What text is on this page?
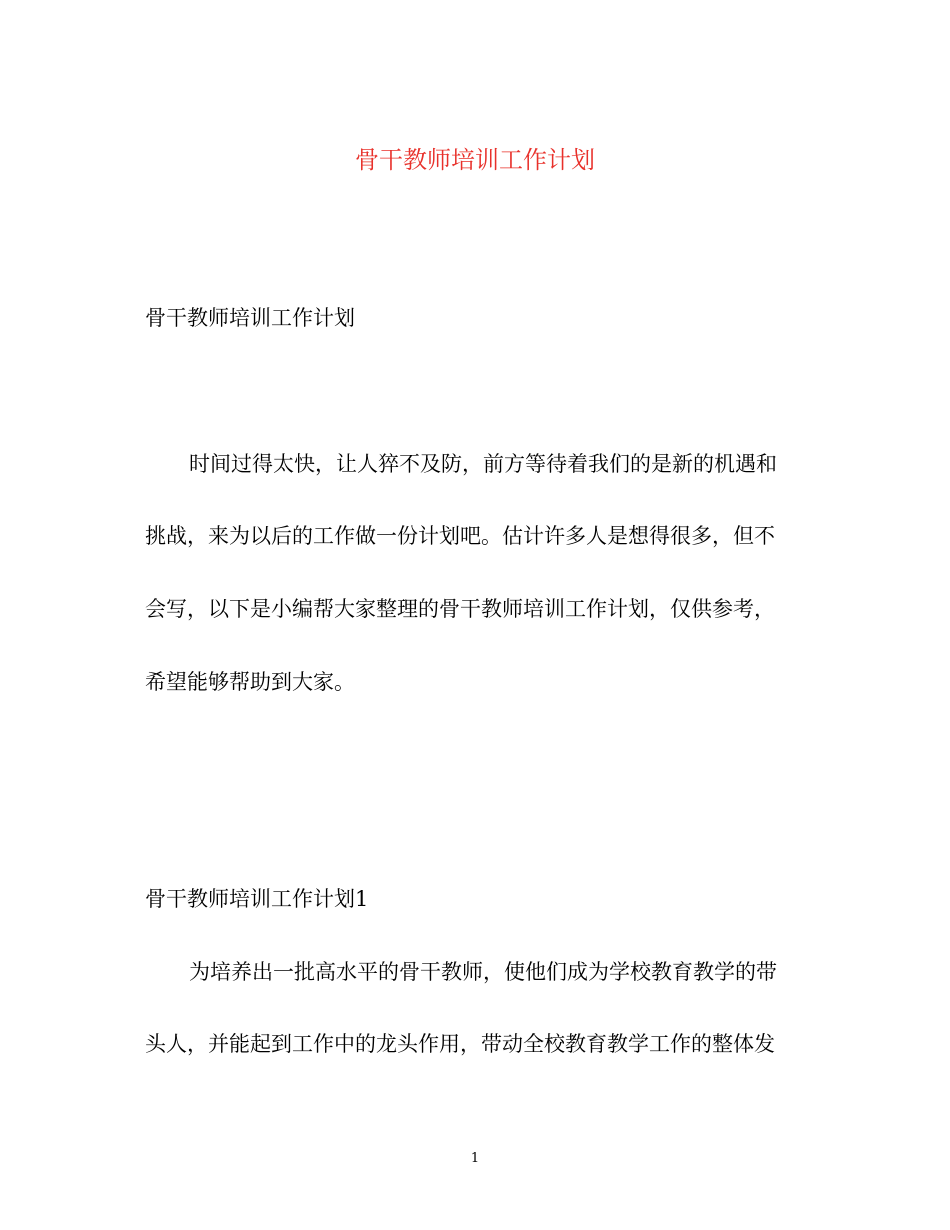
骨干教师培训工作计划

骨干教师培训工作计划

时间过得太快，让人猝不及防，前方等待着我们的是新的机遇和

挑战，来为以后的工作做一份计划吧。估计许多人是想得很多，但不

会写，以下是小编帮大家整理的骨干教师培训工作计划，仅供参考，

希望能够帮助到大家。

骨干教师培训工作计划1

为培养出一批高水平的骨干教师，使他们成为学校教育教学的带

头人，并能起到工作中的龙头作用，带动全校教育教学工作的整体发

1
